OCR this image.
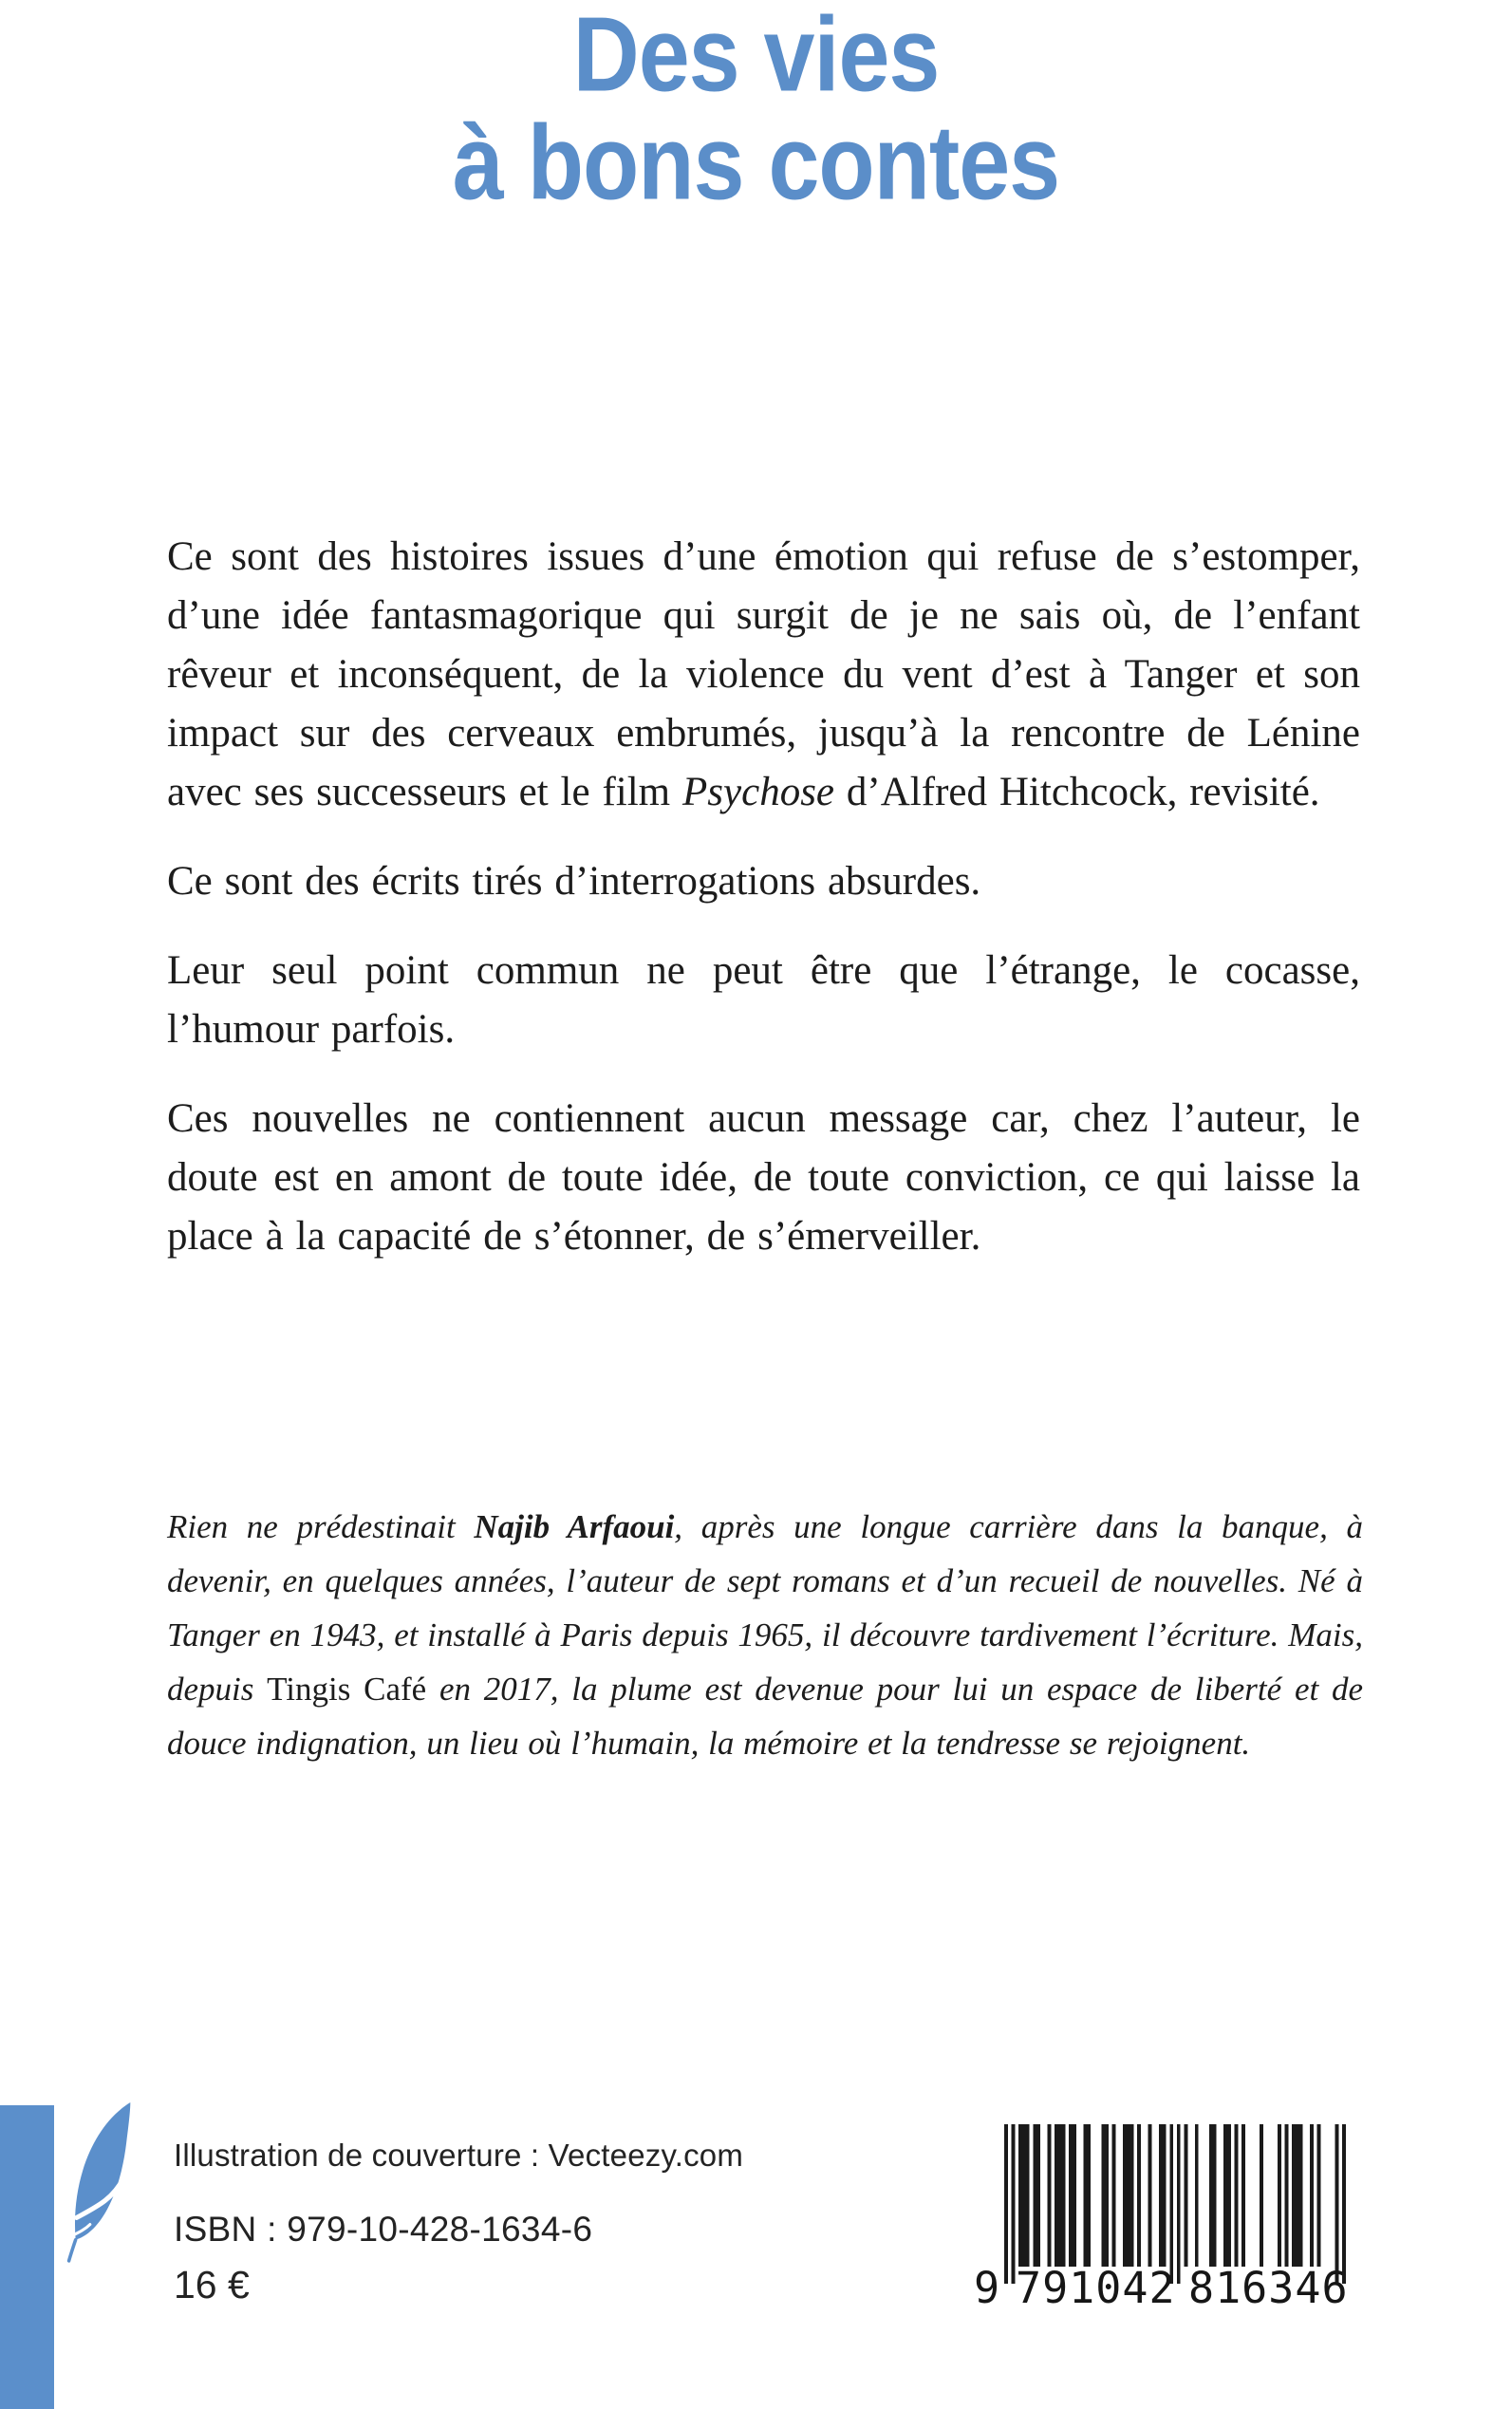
Des vies
à bons contes

Ce sont des histoires issues d’une émotion qui refuse de s’estomper, d’une idée fantasmagorique qui surgit de je ne sais où, de l’enfant rêveur et inconséquent, de la violence du vent d’est à Tanger et son impact sur des cerveaux embrumés, jusqu’à la rencontre de Lénine avec ses successeurs et le film Psychose d’Alfred Hitchcock, revisité.

Ce sont des écrits tirés d’interrogations absurdes.

Leur seul point commun ne peut être que l’étrange, le cocasse, l’humour parfois.

Ces nouvelles ne contiennent aucun message car, chez l’auteur, le doute est en amont de toute idée, de toute conviction, ce qui laisse la place à la capacité de s’étonner, de s’émerveiller.

Rien ne prédestinait Najib Arfaoui, après une longue carrière dans la banque, à devenir, en quelques années, l’auteur de sept romans et d’un recueil de nouvelles. Né à Tanger en 1943, et installé à Paris depuis 1965, il découvre tardivement l’écriture. Mais, depuis Tingis Café en 2017, la plume est devenue pour lui un espace de liberté et de douce indignation, un lieu où l’humain, la mémoire et la tendresse se rejoignent.
Illustration de couverture : Vecteezy.com
ISBN : 979-10-428-1634-6
16 €	9 791042 816346
